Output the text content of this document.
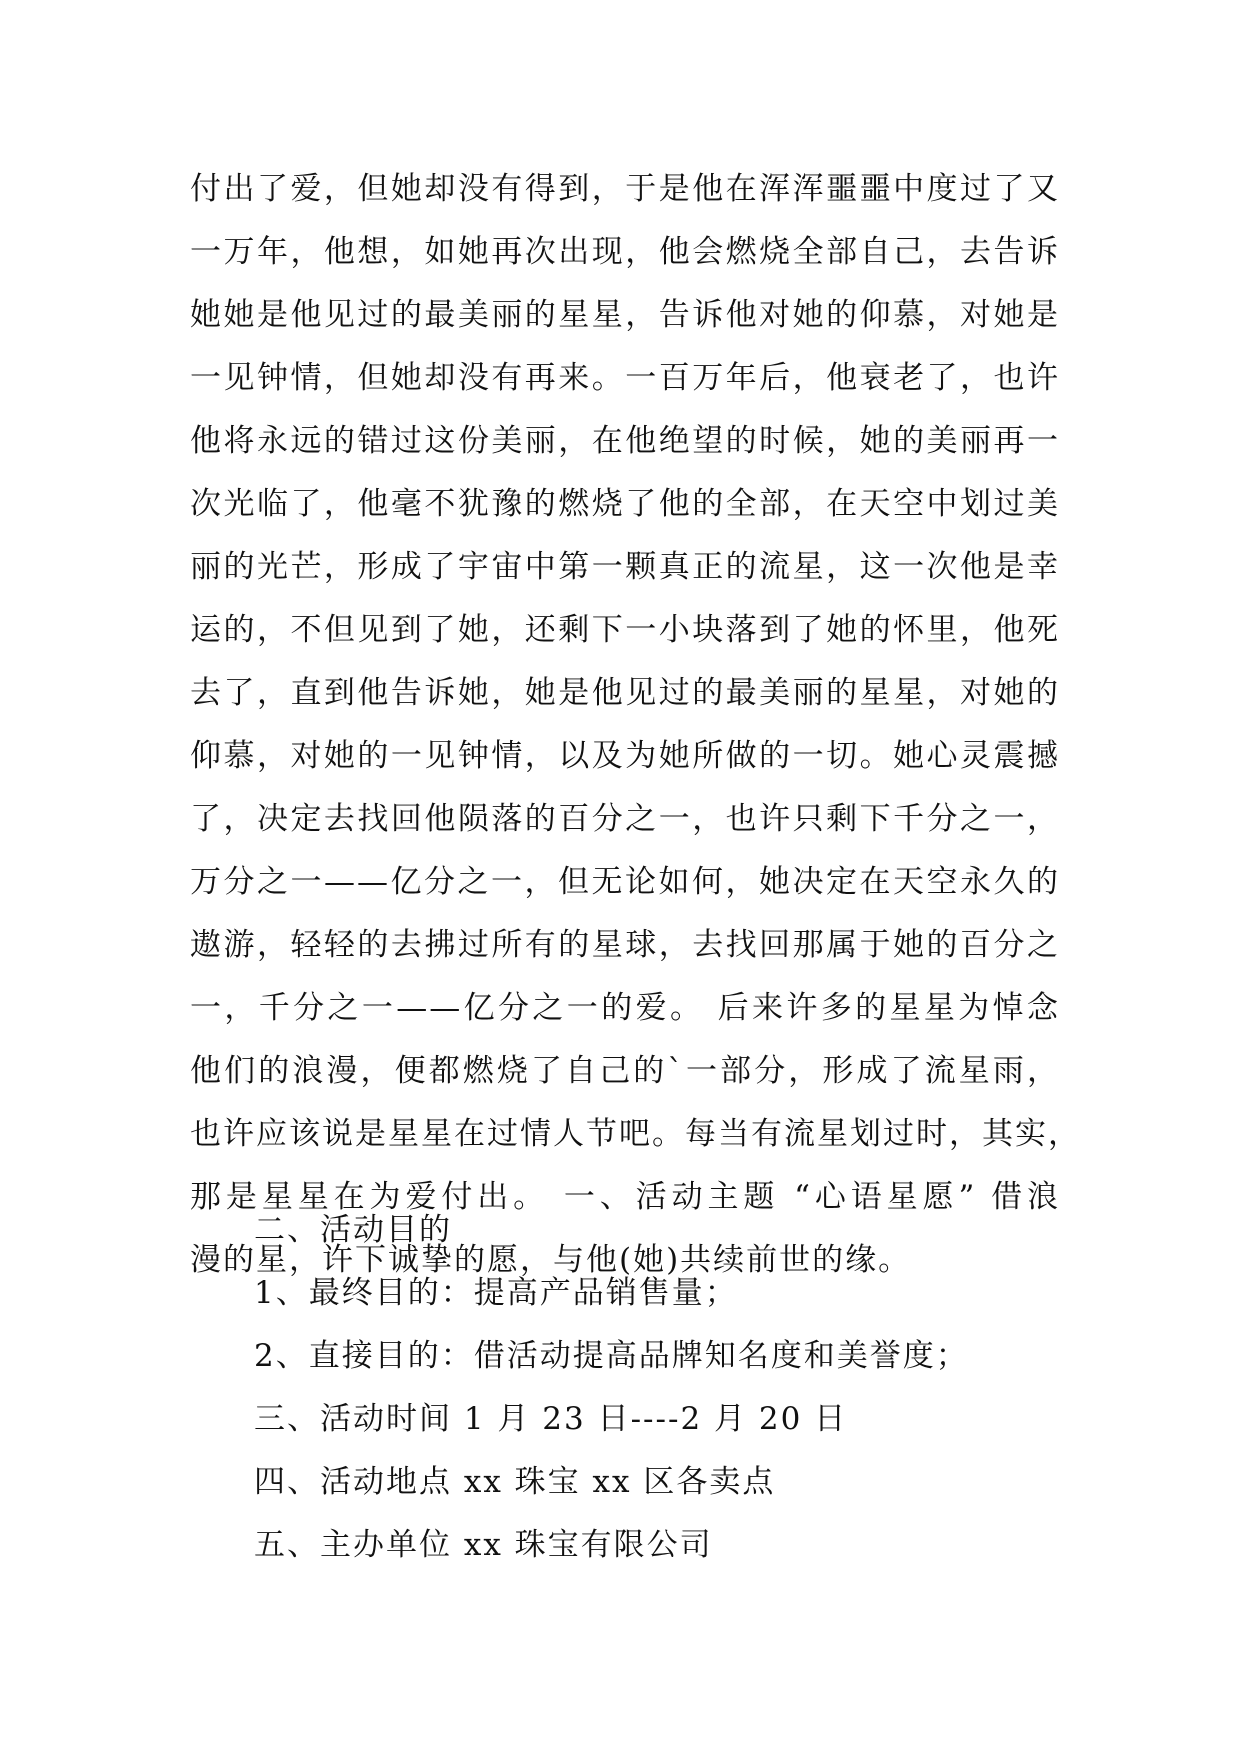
付出了爱，但她却没有得到，于是他在浑浑噩噩中度过了又
一万年，他想，如她再次出现，他会燃烧全部自己，去告诉
她她是他见过的最美丽的星星，告诉他对她的仰慕，对她是
一见钟情，但她却没有再来。一百万年后，他衰老了，也许
他将永远的错过这份美丽，在他绝望的时候，她的美丽再一
次光临了，他毫不犹豫的燃烧了他的全部，在天空中划过美
丽的光芒，形成了宇宙中第一颗真正的流星，这一次他是幸
运的，不但见到了她，还剩下一小块落到了她的怀里，他死
去了，直到他告诉她，她是他见过的最美丽的星星，对她的
仰慕，对她的一见钟情，以及为她所做的一切。她心灵震撼
了，决定去找回他陨落的百分之一，也许只剩下千分之一，
万分之一——亿分之一，但无论如何，她决定在天空永久的
遨游，轻轻的去拂过所有的星球，去找回那属于她的百分之
一，千分之一——亿分之一的爱。 后来许多的星星为悼念
他们的浪漫，便都燃烧了自己的`一部分，形成了流星雨，
也许应该说是星星在过情人节吧。每当有流星划过时，其实，
那是星星在为爱付出。 一、活动主题 “心语星愿” 借浪
漫的星，许下诚挚的愿，与他(她)共续前世的缘。
二、活动目的
1、最终目的：提高产品销售量；
2、直接目的：借活动提高品牌知名度和美誉度；
三、活动时间 1 月 23 日----2 月 20 日
四、活动地点 xx 珠宝 xx 区各卖点
五、主办单位 xx 珠宝有限公司
